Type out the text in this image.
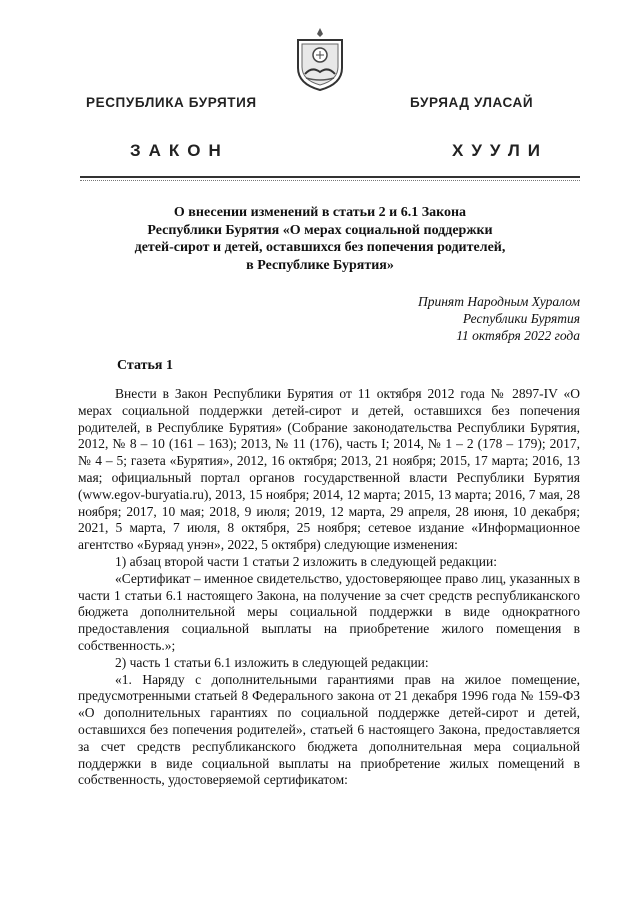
РЕСПУБЛИКА БУРЯТИЯ	БУРЯАД УЛАСАЙ
ЗАКОН	ХУУЛИ
О внесении изменений в статьи 2 и 6.1 Закона
Республики Бурятия «О мерах социальной поддержки
детей-сирот и детей, оставшихся без попечения родителей,
в Республике Бурятия»
Принят Народным Хуралом
Республики Бурятия
11 октября 2022 года
Статья 1

Внести в Закон Республики Бурятия от 11 октября 2012 года № 2897-IV «О мерах социальной поддержки детей-сирот и детей, оставшихся без попечения родителей, в Республике Бурятия» (Собрание законодательства Республики Бурятия, 2012, № 8 – 10 (161 – 163); 2013, № 11 (176), часть I; 2014, № 1 – 2 (178 – 179); 2017, № 4 – 5; газета «Бурятия», 2012, 16 октября; 2013, 21 ноября; 2015, 17 марта; 2016, 13 мая; официальный портал органов государственной власти Республики Бурятия (www.egov-buryatia.ru), 2013, 15 ноября; 2014, 12 марта; 2015, 13 марта; 2016, 7 мая, 28 ноября; 2017, 10 мая; 2018, 9 июля; 2019, 12 марта, 29 апреля, 28 июня, 10 декабря; 2021, 5 марта, 7 июля, 8 октября, 25 ноября; сетевое издание «Информационное агентство «Буряад унэн», 2022, 5 октября) следующие изменения:

1) абзац второй части 1 статьи 2 изложить в следующей редакции:

«Сертификат – именное свидетельство, удостоверяющее право лиц, указанных в части 1 статьи 6.1 настоящего Закона, на получение за счет средств республиканского бюджета дополнительной меры социальной поддержки в виде однократного предоставления социальной выплаты на приобретение жилого помещения в собственность.»;

2) часть 1 статьи 6.1 изложить в следующей редакции:

«1. Наряду с дополнительными гарантиями прав на жилое помещение, предусмотренными статьей 8 Федерального закона от 21 декабря 1996 года № 159-ФЗ «О дополнительных гарантиях по социальной поддержке детей-сирот и детей, оставшихся без попечения родителей», статьей 6 настоящего Закона, предоставляется за счет средств республиканского бюджета дополнительная мера социальной поддержки в виде социальной выплаты на приобретение жилых помещений в собственность, удостоверяемой сертификатом:
